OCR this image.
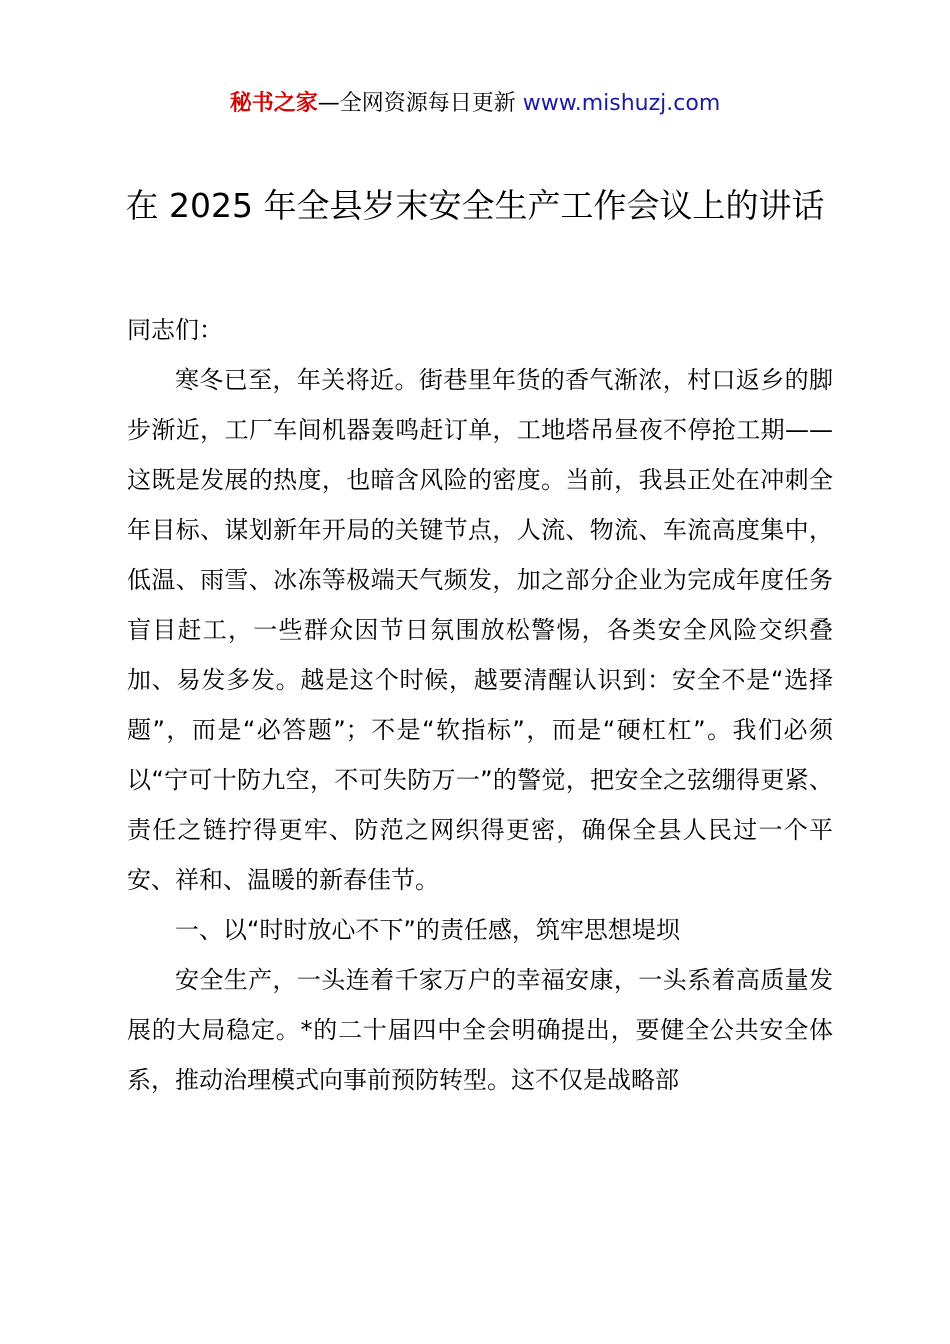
秘书之家—全网资源每日更新 www.mishuzj.com
在 2025 年全县岁末安全生产工作会议上的讲话

同志们：

寒冬已至，年关将近。街巷里年货的香气渐浓，村口返乡的脚步渐近，工厂车间机器轰鸣赶订单，工地塔吊昼夜不停抢工期——这既是发展的热度，也暗含风险的密度。当前，我县正处在冲刺全年目标、谋划新年开局的关键节点，人流、物流、车流高度集中，低温、雨雪、冰冻等极端天气频发，加之部分企业为完成年度任务盲目赶工，一些群众因节日氛围放松警惕，各类安全风险交织叠加、易发多发。越是这个时候，越要清醒认识到：安全不是“选择题”，而是“必答题”；不是“软指标”，而是“硬杠杠”。我们必须以“宁可十防九空，不可失防万一”的警觉，把安全之弦绷得更紧、责任之链拧得更牢、防范之网织得更密，确保全县人民过一个平安、祥和、温暖的新春佳节。

一、以“时时放心不下”的责任感，筑牢思想堤坝

安全生产，一头连着千家万户的幸福安康，一头系着高质量发展的大局稳定。*的二十届四中全会明确提出，要健全公共安全体系，推动治理模式向事前预防转型。这不仅是战略部
